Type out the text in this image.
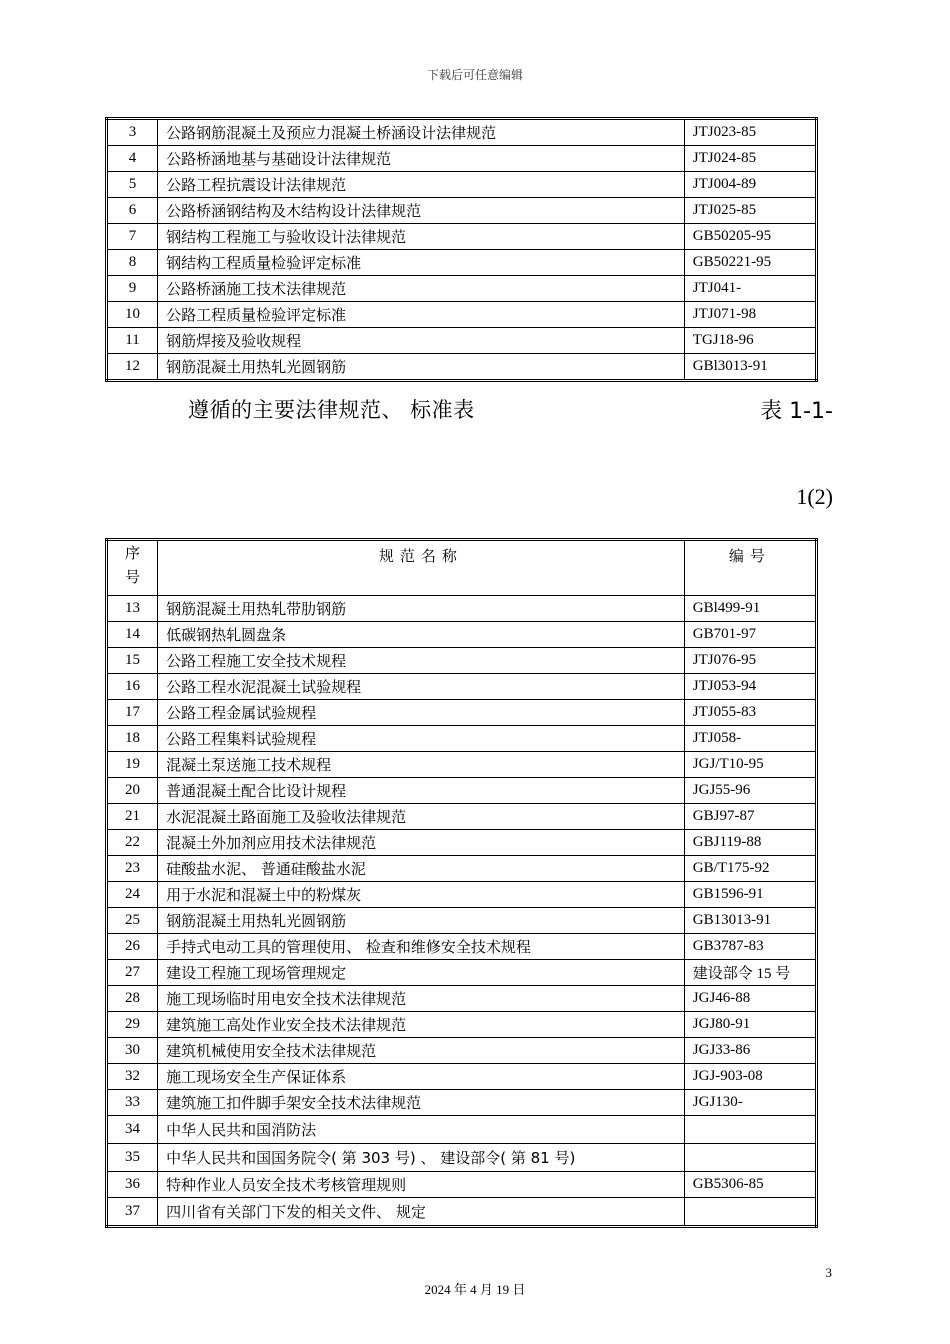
下载后可任意编辑
3	公路钢筋混凝土及预应力混凝土桥涵设计法律规范	JTJ023-85
4	公路桥涵地基与基础设计法律规范	JTJ024-85
5	公路工程抗震设计法律规范	JTJ004-89
6	公路桥涵钢结构及木结构设计法律规范	JTJ025-85
7	钢结构工程施工与验收设计法律规范	GB50205-95
8	钢结构工程质量检验评定标准	GB50221-95
9	公路桥涵施工技术法律规范	JTJ041-
10	公路工程质量检验评定标准	JTJ071-98
11	钢筋焊接及验收规程	TGJ18-96
12	钢筋混凝土用热轧光圆钢筋	GBl3013-91
遵循的主要法律规范、 标准表	表 1-1-
1(2)
序
号	规范名称	编号
13	钢筋混凝土用热轧带肋钢筋	GBl499-91
14	低碳钢热轧圆盘条	GB701-97
15	公路工程施工安全技术规程	JTJ076-95
16	公路工程水泥混凝土试验规程	JTJ053-94
17	公路工程金属试验规程	JTJ055-83
18	公路工程集料试验规程	JTJ058-
19	混凝土泵送施工技术规程	JGJ/T10-95
20	普通混凝土配合比设计规程	JGJ55-96
21	水泥混凝土路面施工及验收法律规范	GBJ97-87
22	混凝土外加剂应用技术法律规范	GBJ119-88
23	硅酸盐水泥、 普通硅酸盐水泥	GB/T175-92
24	用于水泥和混凝土中的粉煤灰	GB1596-91
25	钢筋混凝土用热轧光圆钢筋	GB13013-91
26	手持式电动工具的管理使用、 检查和维修安全技术规程	GB3787-83
27	建设工程施工现场管理规定	建设部令 15 号
28	施工现场临时用电安全技术法律规范	JGJ46-88
29	建筑施工高处作业安全技术法律规范	JGJ80-91
30	建筑机械使用安全技术法律规范	JGJ33-86
32	施工现场安全生产保证体系	JGJ-903-08
33	建筑施工扣件脚手架安全技术法律规范	JGJ130-
34	中华人民共和国消防法	
35	中华人民共和国国务院令( 第 303 号) 、 建设部令( 第 81 号)	
36	特种作业人员安全技术考核管理规则	GB5306-85
37	四川省有关部门下发的相关文件、 规定	
3
2024 年 4 月 19 日
